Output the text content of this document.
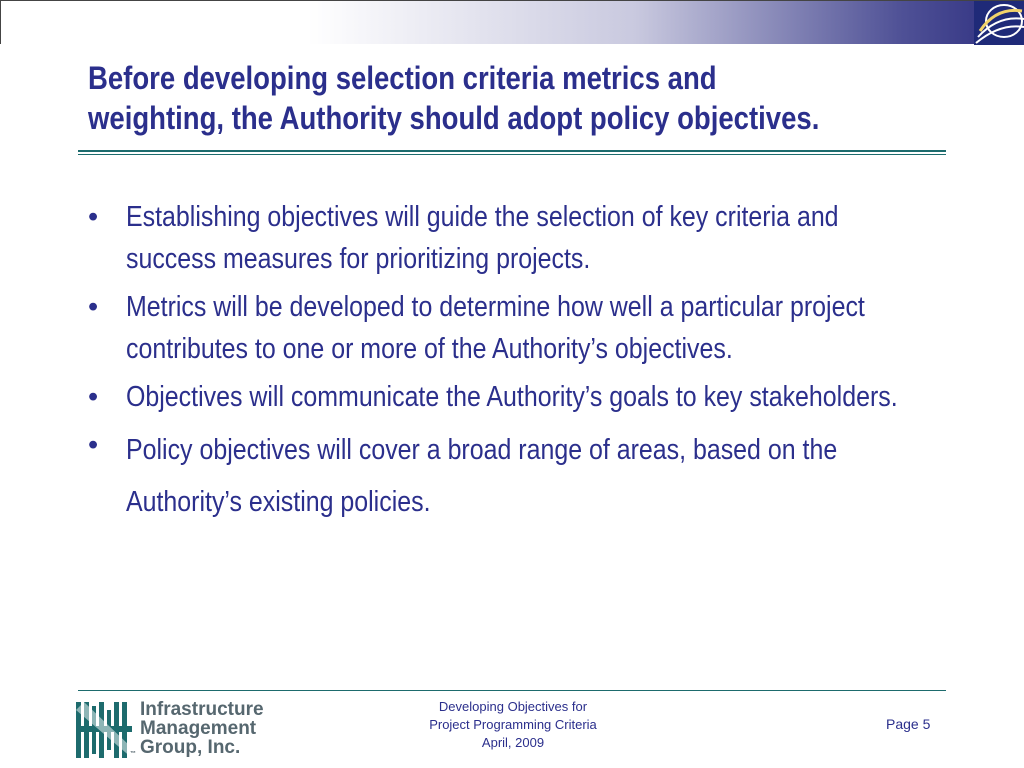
Before developing selection criteria metrics and
weighting, the Authority should adopt policy objectives.
• Establishing objectives will guide the selection of key criteria and success measures for prioritizing projects.
• Metrics will be developed to determine how well a particular project contributes to one or more of the Authority’s objectives.
• Objectives will communicate the Authority’s goals to key stakeholders.
• Policy objectives will cover a broad range of areas, based on the Authority’s existing policies.
Infrastructure
Management
Group, Inc.
™
Developing Objectives for
Project Programming Criteria
April, 2009
Page 5
